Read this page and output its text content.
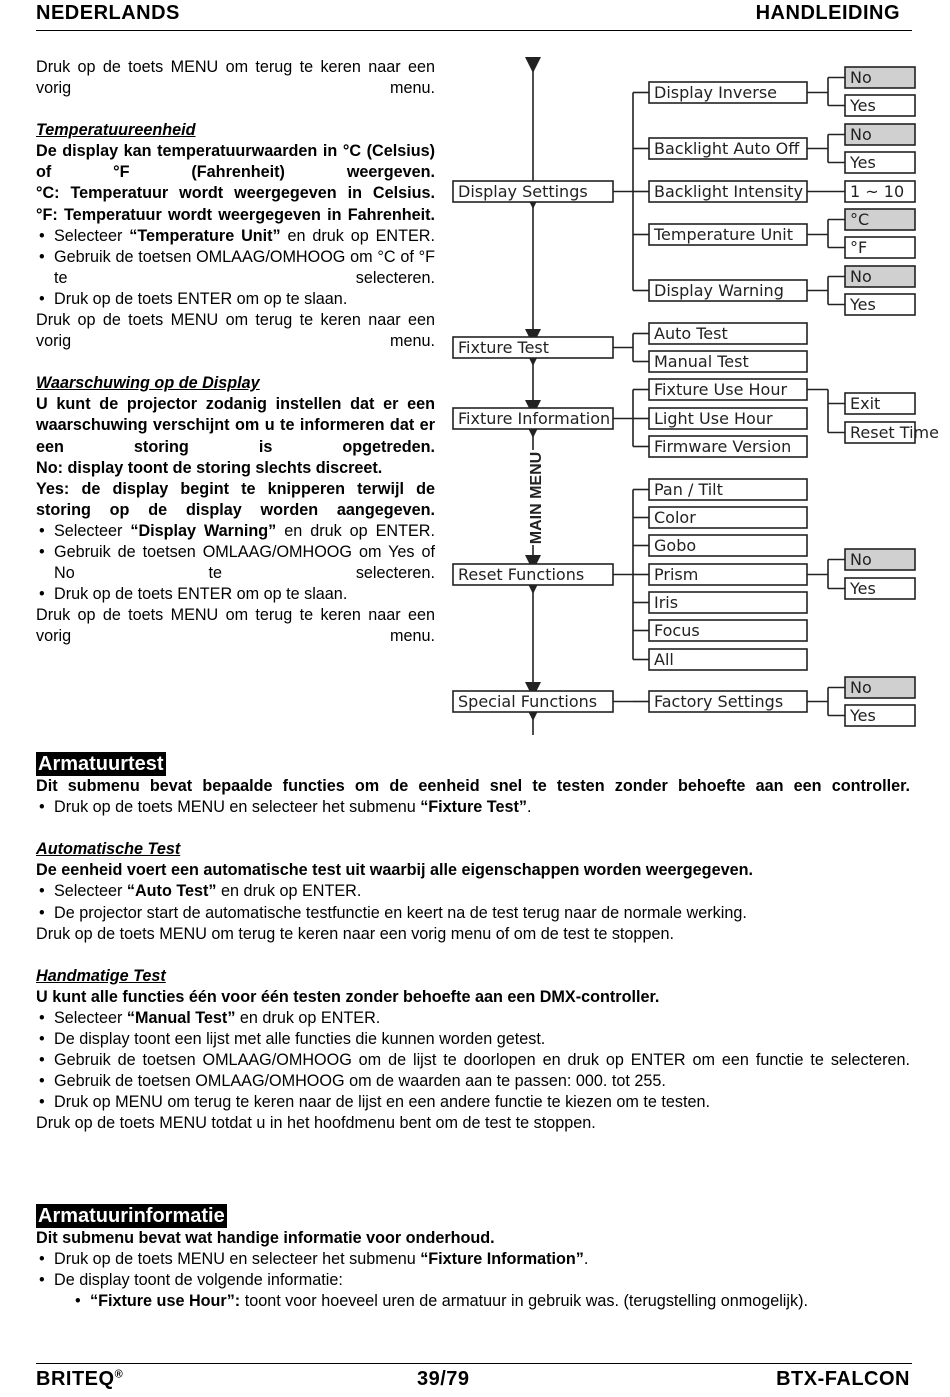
NEDERLANDS	HANDLEIDING

Druk op de toets MENU om terug te keren naar een vorig menu.

Temperatuureenheid

De display kan temperatuurwaarden in °C (Celsius) of °F (Fahrenheit) weergeven.

°C: Temperatuur wordt weergegeven in Celsius.

°F: Temperatuur wordt weergegeven in Fahrenheit.

• Selecteer “Temperature Unit” en druk op ENTER.
• Gebruik de toetsen OMLAAG/OMHOOG om °C of °F te selecteren.
• Druk op de toets ENTER om op te slaan.

Druk op de toets MENU om terug te keren naar een vorig menu.

Waarschuwing op de Display

U kunt de projector zodanig instellen dat er een waarschuwing verschijnt om u te informeren dat er een storing is opgetreden.

No: display toont de storing slechts discreet.

Yes: de display begint te knipperen terwijl de storing op de display worden aangegeven.

• Selecteer “Display Warning” en druk op ENTER.
• Gebruik de toetsen OMLAAG/OMHOOG om Yes of No te selecteren.
• Druk op de toets ENTER om op te slaan.

Druk op de toets MENU om terug te keren naar een vorig menu.

MAIN MENU
Display Settings
Fixture Test
Fixture Information
Reset Functions
Special Functions
Display Inverse
Backlight Auto Off
Backlight Intensity
Temperature Unit
Display Warning
Auto Test
Manual Test
Fixture Use Hour
Light Use Hour
Firmware Version
Pan / Tilt
Color
Gobo
Prism
Iris
Focus
All
Factory Settings
No
Yes
No
Yes
1 ~ 10
°C
°F
No
Yes
Exit
Reset Time
No
Yes
No
Yes
Armatuurtest

Dit submenu bevat bepaalde functies om de eenheid snel te testen zonder behoefte aan een controller.

• Druk op de toets MENU en selecteer het submenu “Fixture Test”.

Automatische Test

De eenheid voert een automatische test uit waarbij alle eigenschappen worden weergegeven.

• Selecteer “Auto Test” en druk op ENTER.
• De projector start de automatische testfunctie en keert na de test terug naar de normale werking.

Druk op de toets MENU om terug te keren naar een vorig menu of om de test te stoppen.

Handmatige Test

U kunt alle functies één voor één testen zonder behoefte aan een DMX-controller.

• Selecteer “Manual Test” en druk op ENTER.
• De display toont een lijst met alle functies die kunnen worden getest.
• Gebruik de toetsen OMLAAG/OMHOOG om de lijst te doorlopen en druk op ENTER om een functie te selecteren.
• Gebruik de toetsen OMLAAG/OMHOOG om de waarden aan te passen: 000. tot 255.
• Druk op MENU om terug te keren naar de lijst en een andere functie te kiezen om te testen.

Druk op de toets MENU totdat u in het hoofdmenu bent om de test te stoppen.

Armatuurinformatie

Dit submenu bevat wat handige informatie voor onderhoud.

• Druk op de toets MENU en selecteer het submenu “Fixture Information”.
• De display toont de volgende informatie:
• “Fixture use Hour”: toont voor hoeveel uren de armatuur in gebruik was. (terugstelling onmogelijk).
BRITEQ®	39/79	BTX-FALCON
